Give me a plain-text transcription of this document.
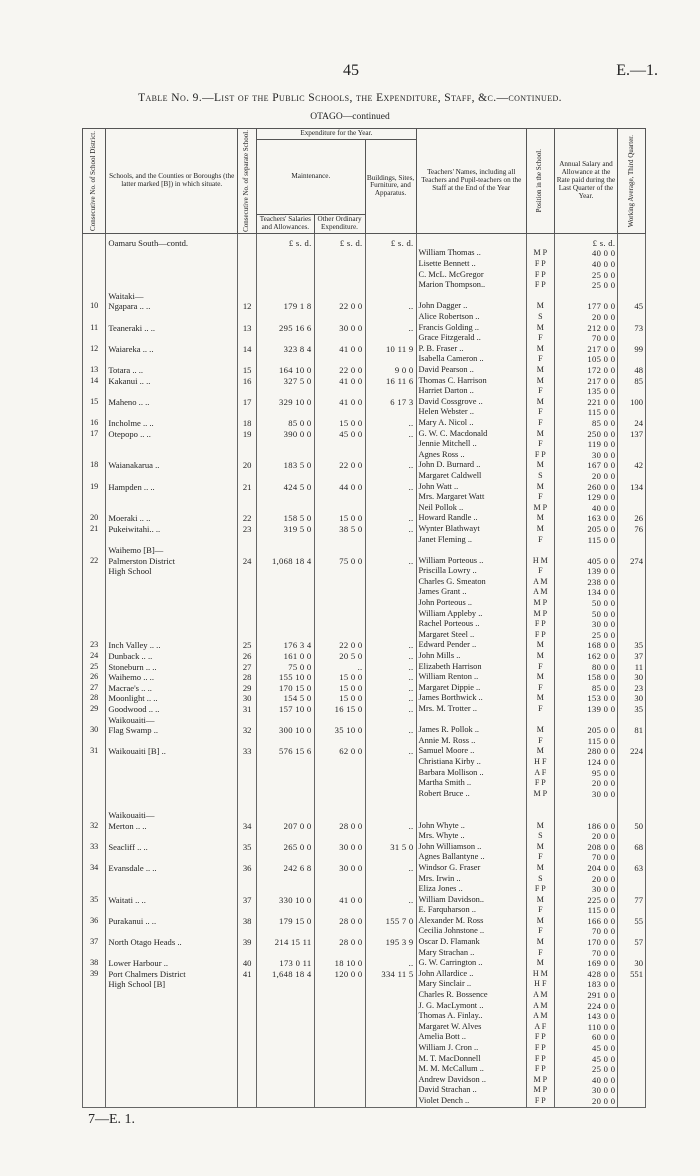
45	E.—1.
Table No. 9.—List of the Public Schools, the Expenditure, Staff, &c.—continued.
OTAGO—continued
Consecutive No. of School District.	Schools, and the Counties or Boroughs (the latter marked [B]) in which situate.	Consecutive No. of separate School.	Expenditure for the Year.			Teachers' Names, including all Teachers and Pupil-teachers on the Staff at the End of the Year	Position in the School.	Annual Salary and Allowance at the Rate paid during the Last Quarter of the Year.	Working Average, Third Quarter.

			Maintenance.		Buildings, Sites, Furniture, and Apparatus.				
			Teachers' Salaries and Allowances.	Other Ordinary Expenditure.					
	Oamaru South—contd.		£ s. d.	£ s. d.	£ s. d.			£ s. d.	
						William Thomas ..	M P	40 0 0	
						Lisette Bennett ..	F P	40 0 0	
						C. McL. McGregor	F P	25 0 0	
						Marion Thompson..	F P	25 0 0	
	Waitaki—								
10	Ngapara .. ..	12	179 1 8	22 0 0	..	John Dagger ..	M	177 0 0	45
						Alice Robertson ..	S	20 0 0	
11	Teaneraki .. ..	13	295 16 6	30 0 0	..	Francis Golding ..	M	212 0 0	73
						Grace Fitzgerald ..	F	70 0 0	
12	Waiareka .. ..	14	323 8 4	41 0 0	10 11 9	P. B. Fraser ..	M	217 0 0	99
						Isabella Cameron ..	F	105 0 0	
13	Totara .. ..	15	164 10 0	22 0 0	9 0 0	David Pearson ..	M	172 0 0	48
14	Kakanui .. ..	16	327 5 0	41 0 0	16 11 6	Thomas C. Harrison	M	217 0 0	85
						Harriet Darton ..	F	135 0 0	
15	Maheno .. ..	17	329 10 0	41 0 0	6 17 3	David Cossgrove ..	M	221 0 0	100
						Helen Webster ..	F	115 0 0	
16	Incholme .. ..	18	85 0 0	15 0 0	..	Mary A. Nicol ..	F	85 0 0	24
17	Otepopo .. ..	19	390 0 0	45 0 0	..	G. W. C. Macdonald	M	250 0 0	137
						Jennie Mitchell ..	F	119 0 0	
						Agnes Ross ..	F P	30 0 0	
18	Waianakarua ..	20	183 5 0	22 0 0	..	John D. Burnard ..	M	167 0 0	42
						Margaret Caldwell	S	20 0 0	
19	Hampden .. ..	21	424 5 0	44 0 0	..	John Watt ..	M	260 0 0	134
						Mrs. Margaret Watt	F	129 0 0	
						Neil Pollok ..	M P	40 0 0	
20	Moeraki .. ..	22	158 5 0	15 0 0	..	Howard Randle ..	M	163 0 0	26
21	Pukeiwitahi.. ..	23	319 5 0	38 5 0	..	Wynter Blathwayt	M	205 0 0	76
						Janet Fleming ..	F	115 0 0	
	Waihemo [B]—								
22	Palmerston District	24	1,068 18 4	75 0 0	..	William Porteous ..	H M	405 0 0	274
	High School					Priscilla Lowry ..	F	139 0 0	
						Charles G. Smeaton	A M	238 0 0	
						James Grant ..	A M	134 0 0	
						John Porteous ..	M P	50 0 0	
						William Appleby ..	M P	50 0 0	
						Rachel Porteous ..	F P	30 0 0	
						Margaret Steel ..	F P	25 0 0	
23	Inch Valley .. ..	25	176 3 4	22 0 0	..	Edward Pender ..	M	168 0 0	35
24	Dunback .. ..	26	161 0 0	20 5 0	..	John Mills ..	M	162 0 0	37
25	Stoneburn .. ..	27	75 0 0	..	..	Elizabeth Harrison	F	80 0 0	11
26	Waihemo .. ..	28	155 10 0	15 0 0	..	William Renton ..	M	158 0 0	30
27	Macrae's .. ..	29	170 15 0	15 0 0	..	Margaret Dippie ..	F	85 0 0	23
28	Moonlight .. ..	30	154 5 0	15 0 0	..	James Borthwick ..	M	153 0 0	30
29	Goodwood .. ..	31	157 10 0	16 15 0	..	Mrs. M. Trotter ..	F	139 0 0	35
	Waikouaiti—								
30	Flag Swamp ..	32	300 10 0	35 10 0	..	James R. Pollok ..	M	205 0 0	81
						Annie M. Ross ..	F	115 0 0	
31	Waikouaiti [B] ..	33	576 15 6	62 0 0	..	Samuel Moore ..	M	280 0 0	224
						Christiana Kirby ..	H F	124 0 0	
						Barbara Mollison ..	A F	95 0 0	
						Martha Smith ..	F P	20 0 0	
						Robert Bruce ..	M P	30 0 0	

	Waikouaiti—								
32	Merton .. ..	34	207 0 0	28 0 0	..	John Whyte ..	M	186 0 0	50
						Mrs. Whyte ..	S	20 0 0	
33	Seacliff .. ..	35	265 0 0	30 0 0	31 5 0	John Williamson ..	M	208 0 0	68
						Agnes Ballantyne ..	F	70 0 0	
34	Evansdale .. ..	36	242 6 8	30 0 0	..	Windsor G. Fraser	M	204 0 0	63
						Mrs. Irwin ..	S	20 0 0	
						Eliza Jones ..	F P	30 0 0	
35	Waitati .. ..	37	330 10 0	41 0 0	..	William Davidson..	M	225 0 0	77
						E. Farquharson ..	F	115 0 0	
36	Purakanui .. ..	38	179 15 0	28 0 0	155 7 0	Alexander M. Ross	M	166 0 0	55
						Cecilia Johnstone ..	F	70 0 0	
37	North Otago Heads ..	39	214 15 11	28 0 0	195 3 9	Oscar D. Flamank	M	170 0 0	57
						Mary Strachan ..	F	70 0 0	
38	Lower Harbour ..	40	173 0 11	18 10 0	..	G. W. Carrington ..	M	169 0 0	30
39	Port Chalmers District	41	1,648 18 4	120 0 0	334 11 5	John Allardice ..	H M	428 0 0	551
	High School [B]					Mary Sinclair ..	H F	183 0 0	
						Charles R. Bossence	A M	291 0 0	
						J. G. MacLymont ..	A M	224 0 0	
						Thomas A. Finlay..	A M	143 0 0	
						Margaret W. Alves	A F	110 0 0	
						Amelia Bott ..	F P	60 0 0	
						William J. Cron ..	F P	45 0 0	
						M. T. MacDonnell	F P	45 0 0	
						M. M. McCallum ..	F P	25 0 0	
						Andrew Davidson ..	M P	40 0 0	
						David Strachan ..	M P	30 0 0	
						Violet Dench ..	F P	20 0 0	
7—E. 1.
